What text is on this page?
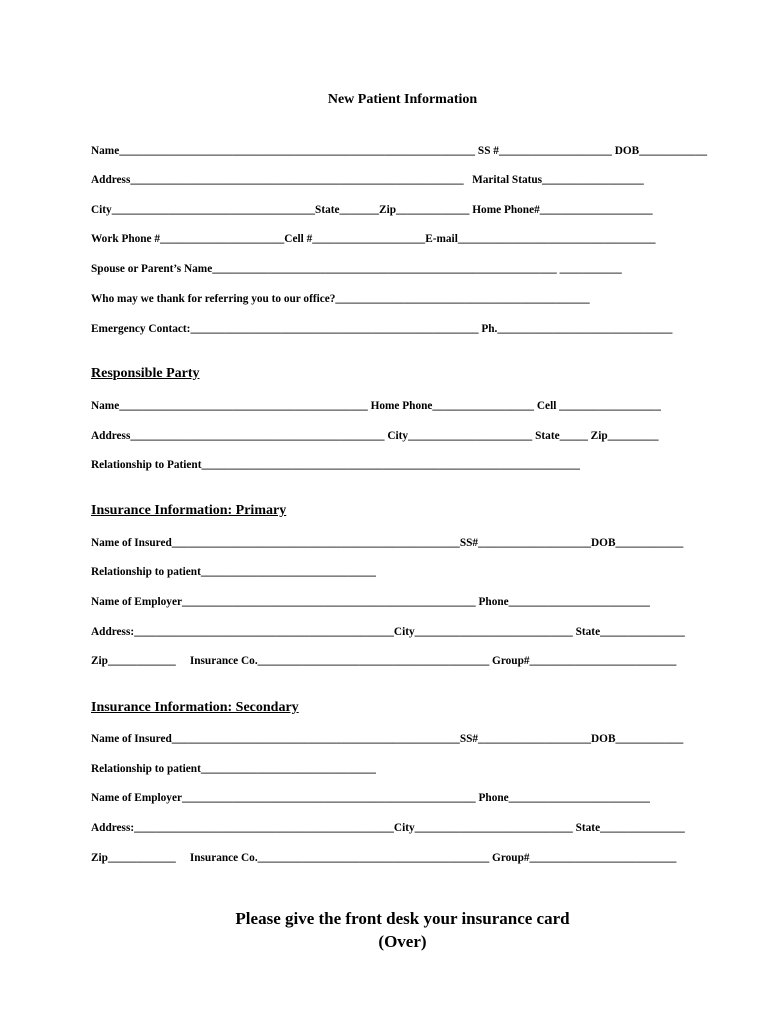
New Patient Information
Name_______________________________________________________________ SS #____________________ DOB____________
Address___________________________________________________________   Marital Status__________________
City____________________________________State_______Zip_____________ Home Phone#____________________
Work Phone #______________________Cell #____________________E-mail___________________________________
Spouse or Parent’s Name_____________________________________________________________ ___________
Who may we thank for referring you to our office?_____________________________________________
Emergency Contact:___________________________________________________ Ph._______________________________
Responsible Party
Name____________________________________________ Home Phone__________________ Cell __________________
Address_____________________________________________ City______________________ State_____ Zip_________
Relationship to Patient___________________________________________________________________
Insurance Information: Primary
Name of Insured___________________________________________________SS#____________________DOB____________
Relationship to patient_______________________________
Name of Employer____________________________________________________ Phone_________________________
Address:______________________________________________City____________________________ State_______________
Zip____________     Insurance Co._________________________________________ Group#__________________________
Insurance Information: Secondary
Name of Insured___________________________________________________SS#____________________DOB____________
Relationship to patient_______________________________
Name of Employer____________________________________________________ Phone_________________________
Address:______________________________________________City____________________________ State_______________
Zip____________     Insurance Co._________________________________________ Group#__________________________
Please give the front desk your insurance card
(Over)
